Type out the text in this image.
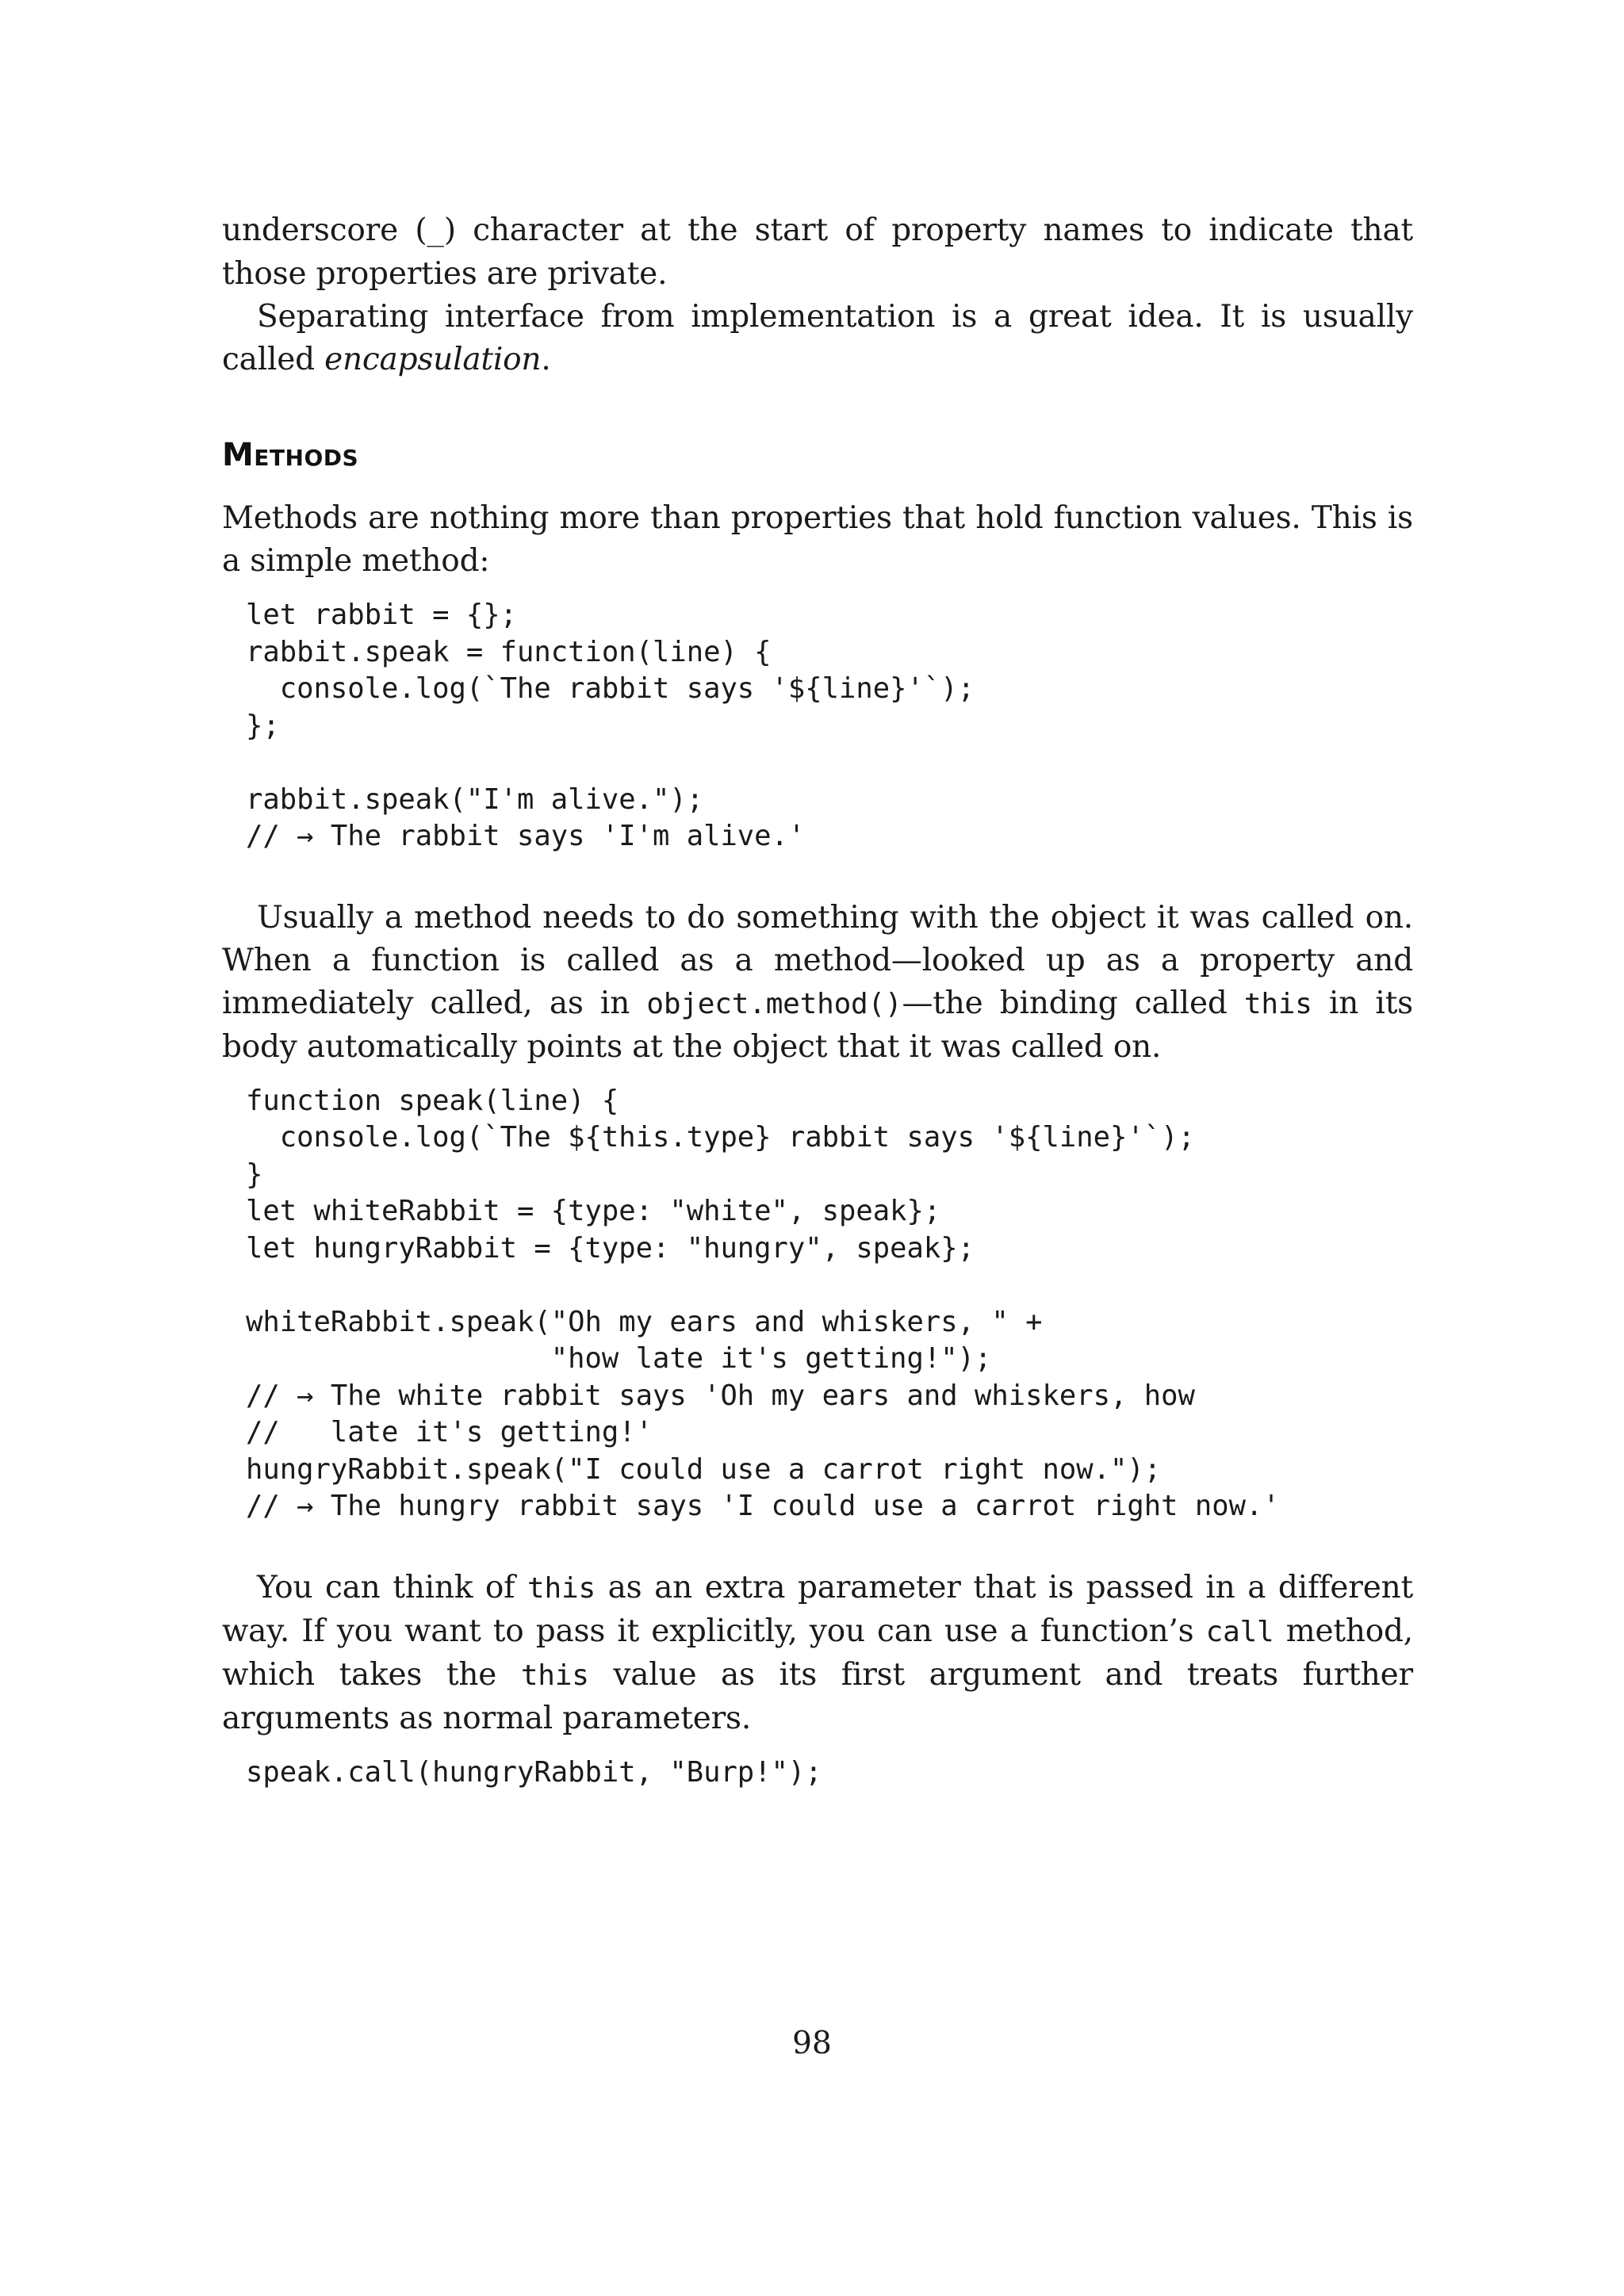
underscore (_) character at the start of property names to indicate that those properties are private.

Separating interface from implementation is a great idea. It is usually called encapsulation.

Methods

Methods are nothing more than properties that hold function values. This is a simple method:

let rabbit = {};
rabbit.speak = function(line) {
console.log(`The rabbit says '${line}'`);
};

rabbit.speak("I'm alive.");
// → The rabbit says 'I'm alive.'

Usually a method needs to do something with the object it was called on. When a function is called as a method—looked up as a property and immediately called, as in object.method()—the binding called this in its body automatically points at the object that it was called on.

function speak(line) {
console.log(`The ${this.type} rabbit says '${line}'`);
}
let whiteRabbit = {type: "white", speak};
let hungryRabbit = {type: "hungry", speak};

whiteRabbit.speak("Oh my ears and whiskers, " +
"how late it's getting!");
// → The white rabbit says 'Oh my ears and whiskers, how
//   late it's getting!'
hungryRabbit.speak("I could use a carrot right now.");
// → The hungry rabbit says 'I could use a carrot right now.'

You can think of this as an extra parameter that is passed in a different way. If you want to pass it explicitly, you can use a function’s call method, which takes the this value as its first argument and treats further arguments as normal parameters.

speak.call(hungryRabbit, "Burp!");
98
